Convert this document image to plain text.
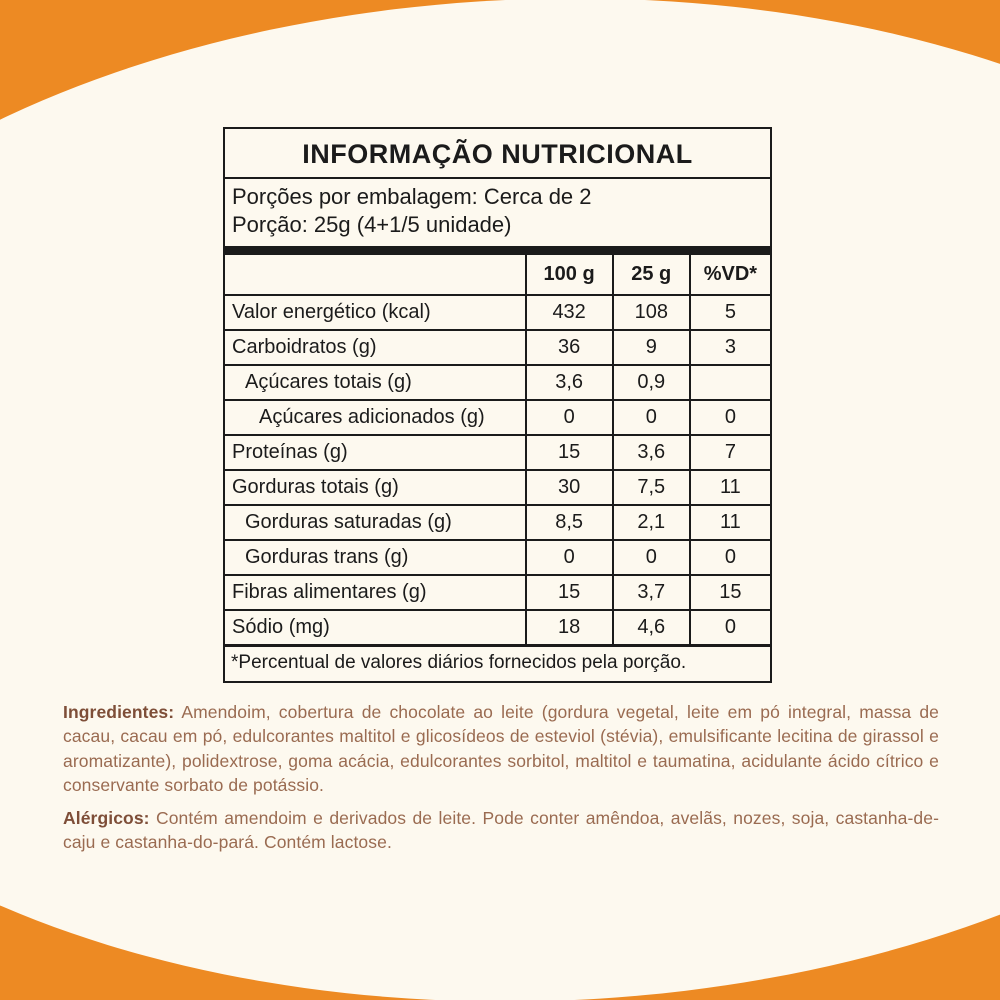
INFORMAÇÃO NUTRICIONAL
Porções por embalagem: Cerca de 2
Porção: 25g (4+1/5 unidade)
	100 g	25 g	%VD*
Valor energético (kcal)	432	108	5
Carboidratos (g)	36	9	3
Açúcares totais (g)	3,6	0,9	
Açúcares adicionados (g)	0	0	0
Proteínas (g)	15	3,6	7
Gorduras totais (g)	30	7,5	11
Gorduras saturadas (g)	8,5	2,1	11
Gorduras trans (g)	0	0	0
Fibras alimentares (g)	15	3,7	15
Sódio (mg)	18	4,6	0
*Percentual de valores diários fornecidos pela porção.

Ingredientes: Amendoim, cobertura de chocolate ao leite (gordura vegetal, leite em pó integral, massa de cacau, cacau em pó, edulcorantes maltitol e glicosídeos de esteviol (stévia), emulsificante lecitina de girassol e aromatizante), polidextrose, goma acácia, edulcorantes sorbitol, maltitol e taumatina, acidulante ácido cítrico e conservante sorbato de potássio.

Alérgicos: Contém amendoim e derivados de leite. Pode conter amêndoa, avelãs, nozes, soja, castanha-de-caju e castanha-do-pará. Contém lactose.
